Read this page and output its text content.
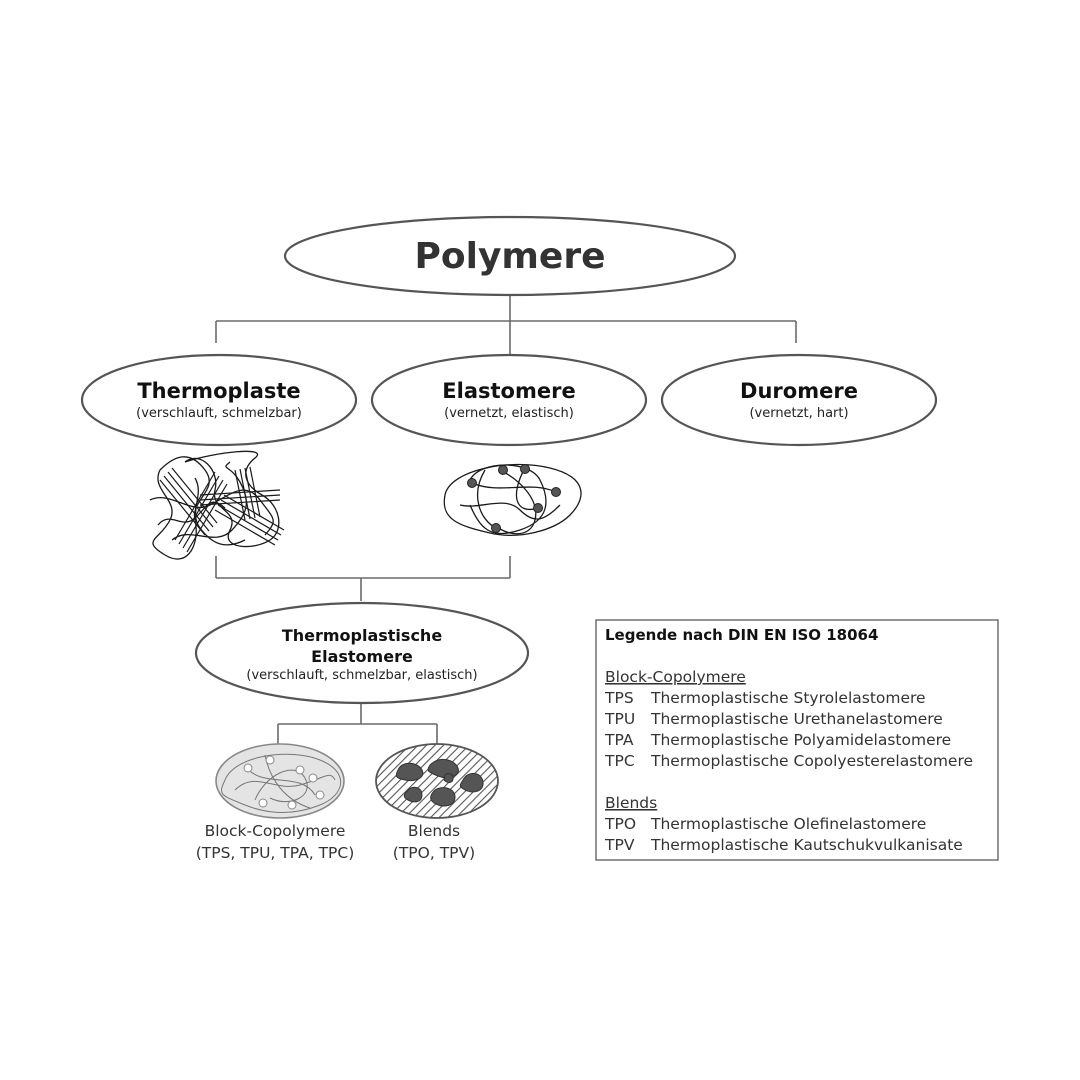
Polymere
Thermoplaste
(verschlauft, schmelzbar)
Elastomere
(vernetzt, elastisch)
Duromere
(vernetzt, hart)
Thermoplastische
Elastomere
(verschlauft, schmelzbar, elastisch)
Block-Copolymere
(TPS, TPU, TPA, TPC)
Blends
(TPO, TPV)
Legende nach DIN EN ISO 18064
Block-Copolymere
TPS Thermoplastische Styrolelastomere
TPU Thermoplastische Urethanelastomere
TPA Thermoplastische Polyamidelastomere
TPC Thermoplastische Copolyesterelastomere
Blends
TPO Thermoplastische Olefinelastomere
TPV Thermoplastische Kautschukvulkanisate
